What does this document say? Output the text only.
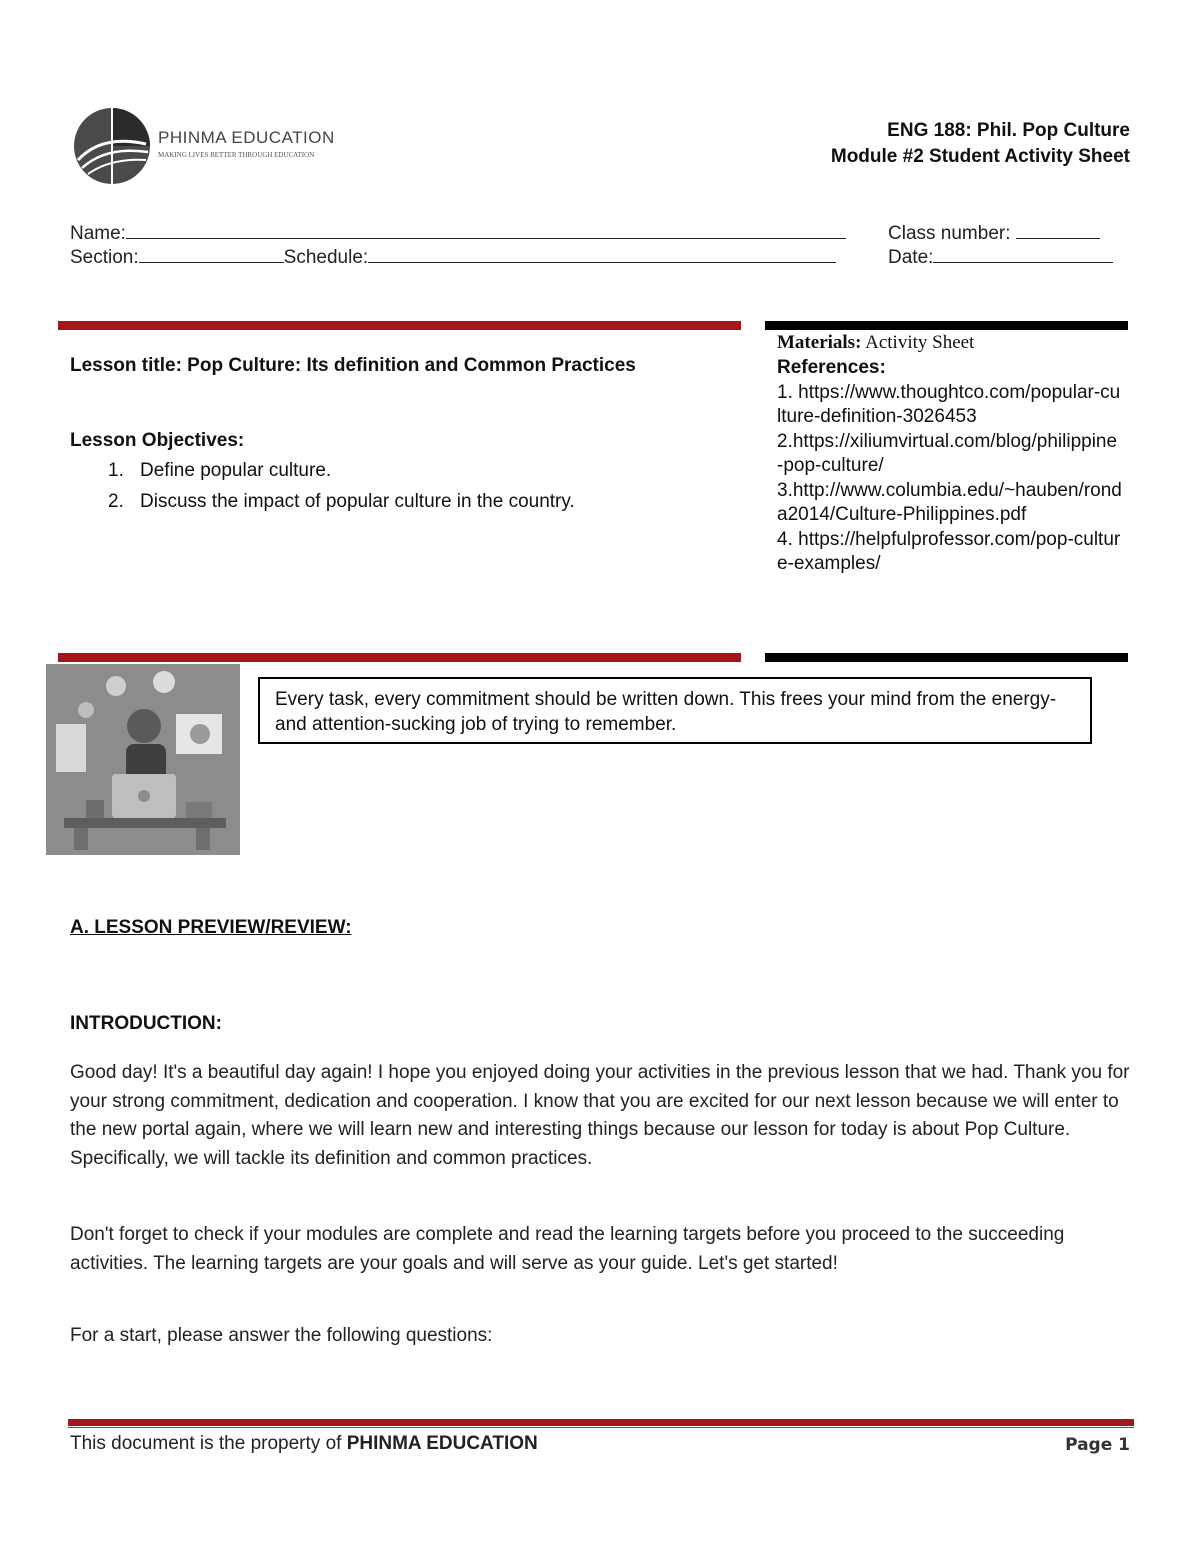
PHINMA EDUCATION
MAKING LIVES BETTER THROUGH EDUCATION
ENG 188: Phil. Pop Culture
Module #2 Student Activity Sheet
Name:	Class number:
Section:	Schedule:	Date:
Lesson title: Pop Culture: Its definition and Common Practices
Lesson Objectives:
1. Define popular culture.
2. Discuss the impact of popular culture in the country.
Materials: Activity Sheet
References:
1. https://www.thoughtco.com/popular-culture-definition-3026453
2.https://xiliumvirtual.com/blog/philippine-pop-culture/
3.http://www.columbia.edu/~hauben/ronda2014/Culture-Philippines.pdf
4. https://helpfulprofessor.com/pop-culture-examples/
Every task, every commitment should be written down. This frees your mind from the energy- and attention-sucking job of trying to remember.
A. LESSON PREVIEW/REVIEW:
INTRODUCTION:
Good day! It's a beautiful day again! I hope you enjoyed doing your activities in the previous lesson that we had. Thank you for your strong commitment, dedication and cooperation. I know that you are excited for our next lesson because we will enter to the new portal again, where we will learn new and interesting things because our lesson for today is about Pop Culture. Specifically, we will tackle its definition and common practices.
Don't forget to check if your modules are complete and read the learning targets before you proceed to the succeeding activities. The learning targets are your goals and will serve as your guide. Let's get started!
For a start, please answer the following questions:
This document is the property of PHINMA EDUCATION	Page 1
